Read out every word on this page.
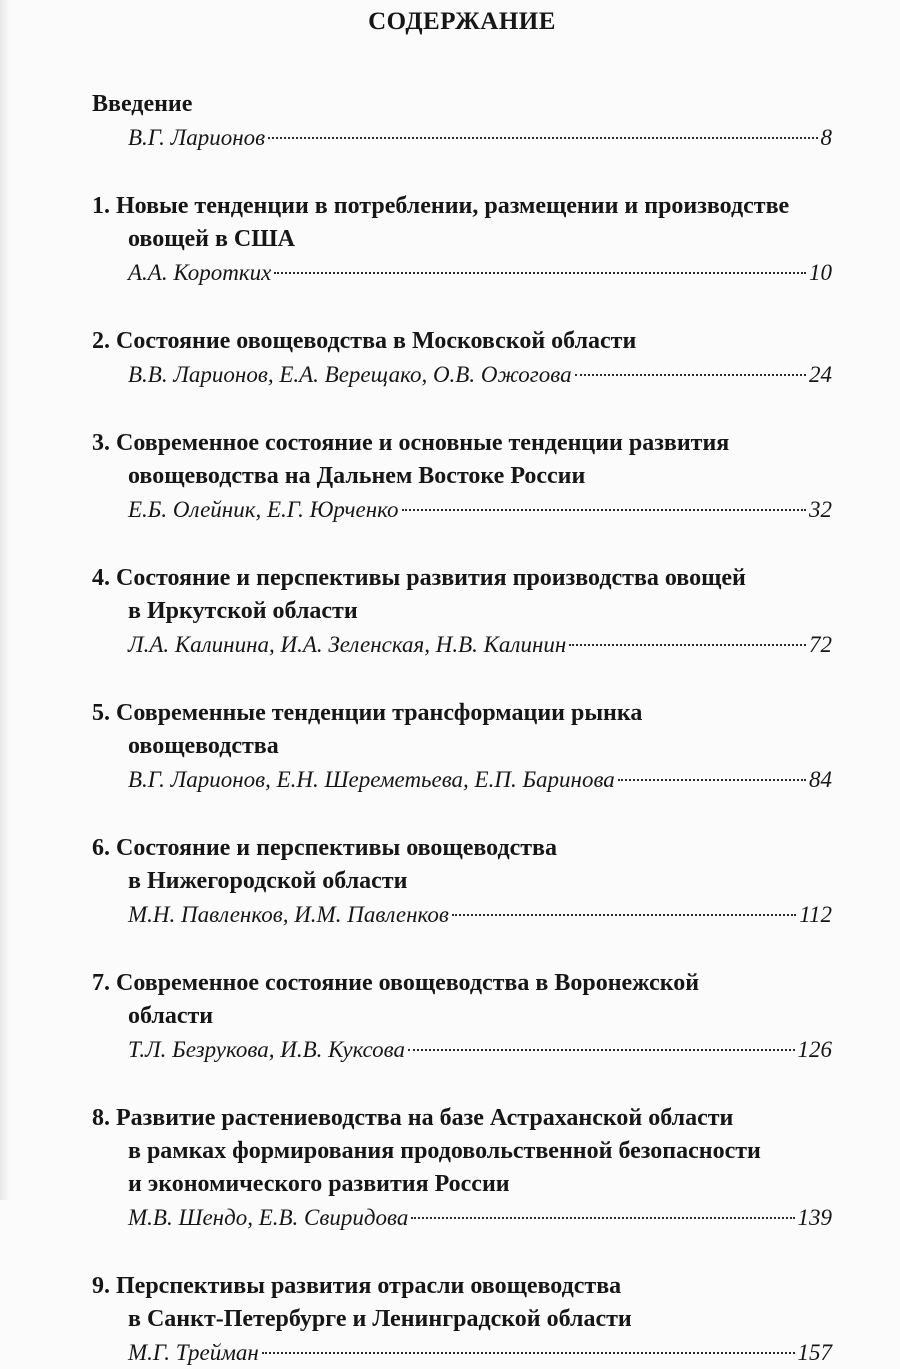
СОДЕРЖАНИЕ
Введение
В.Г. Ларионов	8
1. Новые тенденции в потреблении, размещении и производстве
овощей в США
А.А. Коротких	10
2. Состояние овощеводства в Московской области
В.В. Ларионов, Е.А. Верещако, О.В. Ожогова	24
3. Современное состояние и основные тенденции развития
овощеводства на Дальнем Востоке России
Е.Б. Олейник, Е.Г. Юрченко	32
4. Состояние и перспективы развития производства овощей
в Иркутской области
Л.А. Калинина, И.А. Зеленская, Н.В. Калинин	72
5. Современные тенденции трансформации рынка
овощеводства
В.Г. Ларионов, Е.Н. Шереметьева, Е.П. Баринова	84
6. Состояние и перспективы овощеводства
в Нижегородской области
М.Н. Павленков, И.М. Павленков	112
7. Современное состояние овощеводства в Воронежской
области
Т.Л. Безрукова, И.В. Куксова	126
8. Развитие растениеводства на базе Астраханской области
в рамках формирования продовольственной безопасности
и экономического развития России
М.В. Шендо, Е.В. Свиридова	139
9. Перспективы развития отрасли овощеводства
в Санкт-Петербурге и Ленинградской области
М.Г. Трейман	157
